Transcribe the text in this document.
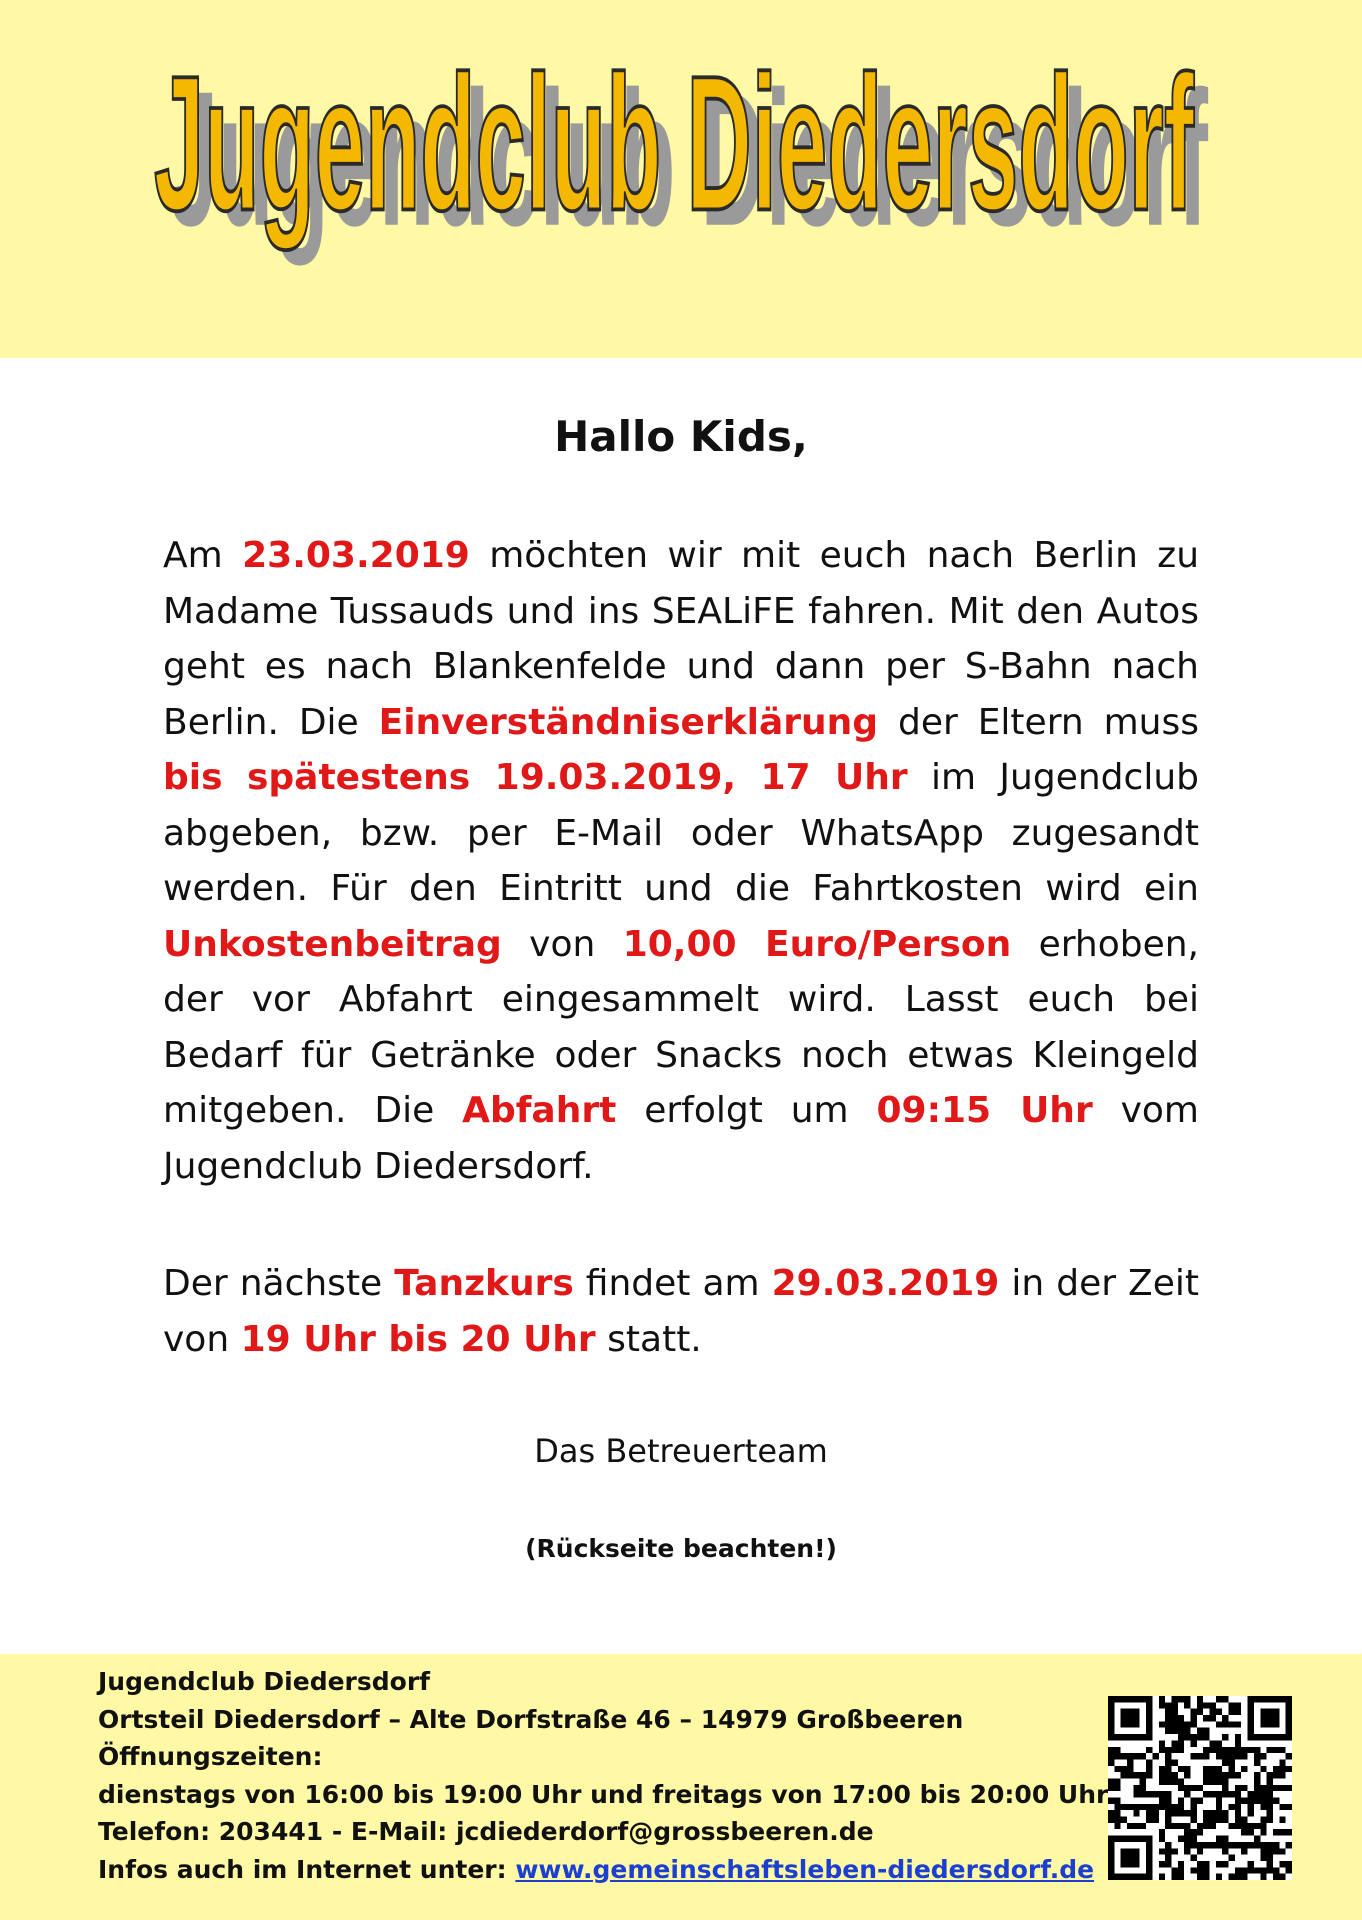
Jugendclub Diedersdorf
Jugendclub Diedersdorf
Hallo Kids,
Am 23.03.2019 möchten wir mit euch nach Berlin zu Madame Tussauds und ins SEALiFE fahren. Mit den Autos geht es nach Blankenfelde und dann per S-Bahn nach Berlin. Die Einverständniserklärung der Eltern muss bis spätestens 19.03.2019, 17 Uhr im Jugendclub abgeben, bzw. per E-Mail oder WhatsApp zugesandt werden. Für den Eintritt und die Fahrtkosten wird ein Unkostenbeitrag von 10,00 Euro/Person erhoben, der vor Abfahrt eingesammelt wird. Lasst euch bei Bedarf für Getränke oder Snacks noch etwas Kleingeld mitgeben. Die Abfahrt erfolgt um 09:15 Uhr vom Jugendclub Diedersdorf.
Der nächste Tanzkurs findet am 29.03.2019 in der Zeit von 19 Uhr bis 20 Uhr statt.
Das Betreuerteam
(Rückseite beachten!)
Jugendclub Diedersdorf
Ortsteil Diedersdorf – Alte Dorfstraße 46 – 14979 Großbeeren
Öffnungszeiten:
dienstags von 16:00 bis 19:00 Uhr und freitags von 17:00 bis 20:00 Uhr
Telefon: 203441 - E-Mail: jcdiederdorf@grossbeeren.de
Infos auch im Internet unter: www.gemeinschaftsleben-diedersdorf.de
